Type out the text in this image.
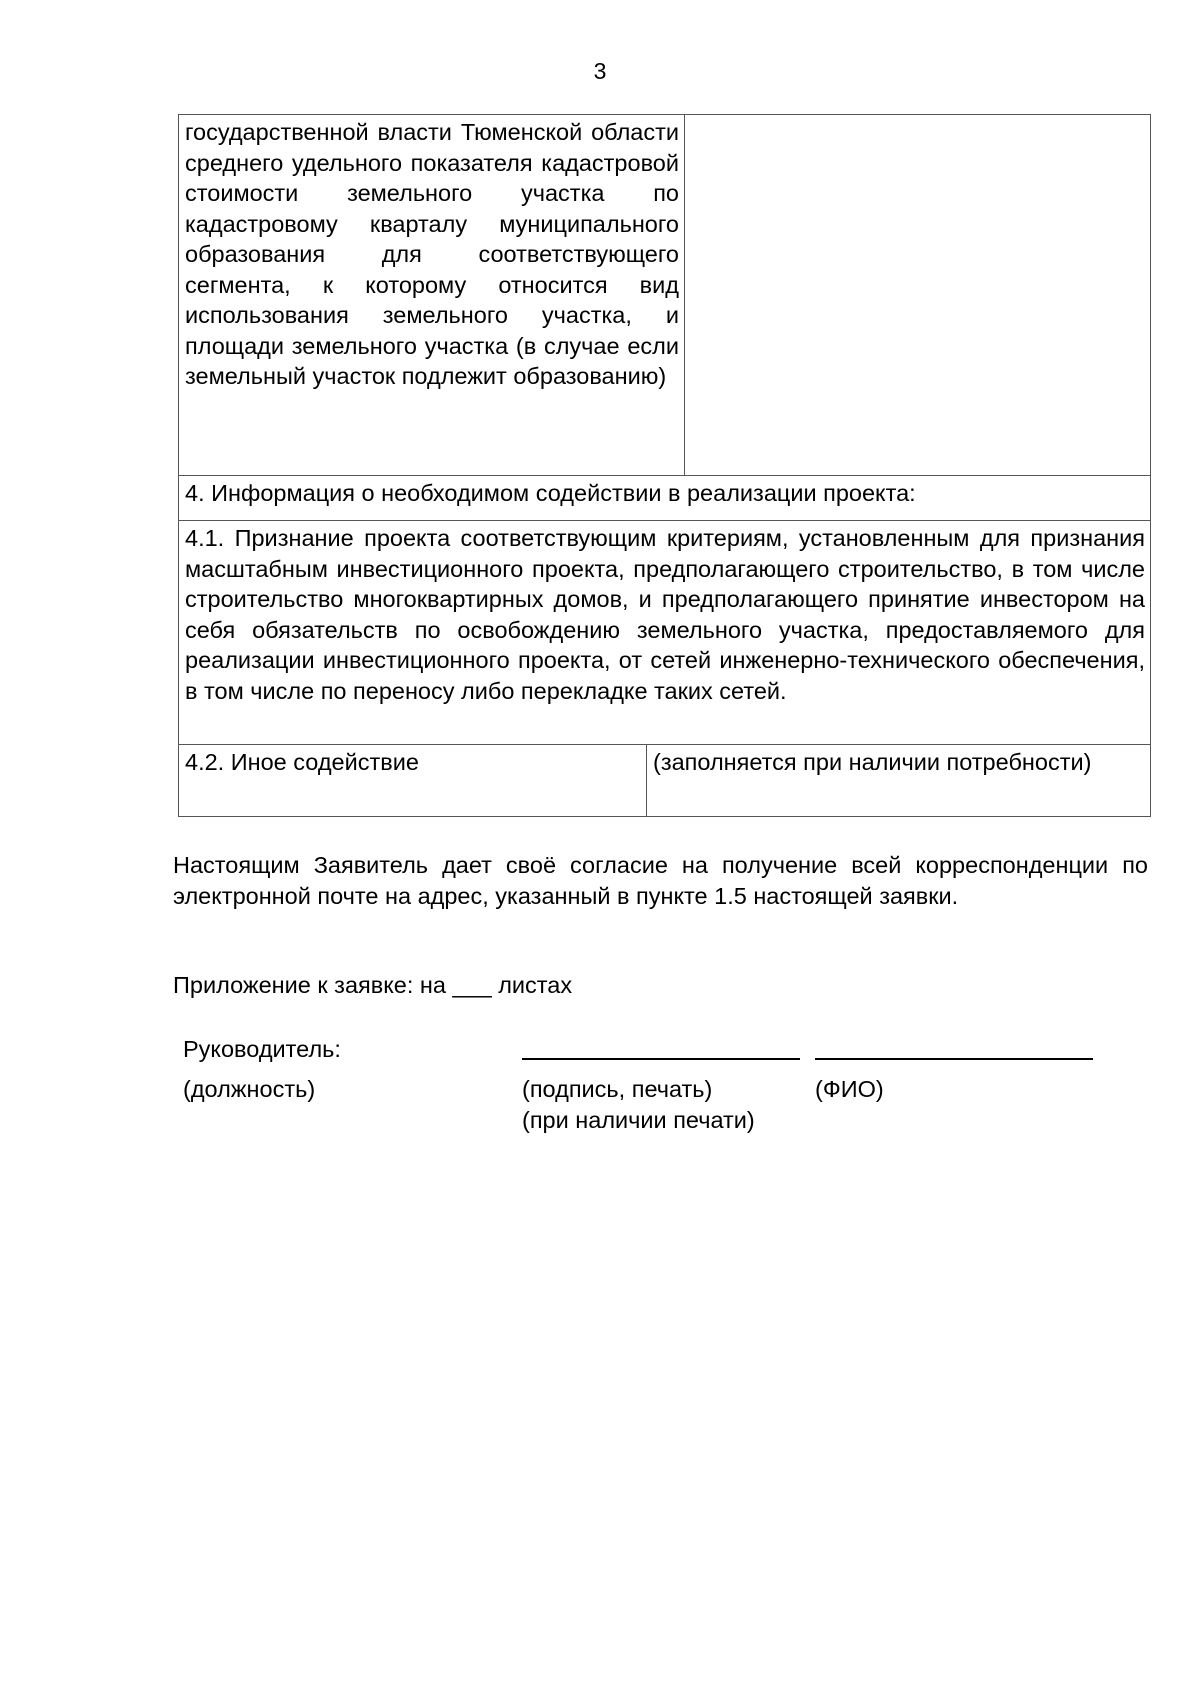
3
государственной власти Тюменской области среднего удельного показателя кадастровой стоимости земельного участка по кадастровому кварталу муниципального образования для соответствующего сегмента, к которому относится вид использования земельного участка, и площади земельного участка (в случае если земельный участок подлежит образованию)
4. Информация о необходимом содействии в реализации проекта:
4.1. Признание проекта соответствующим критериям, установленным для признания масштабным инвестиционного проекта, предполагающего строительство, в том числе строительство многоквартирных домов, и предполагающего принятие инвестором на себя обязательств по освобождению земельного участка, предоставляемого для реализации инвестиционного проекта, от сетей инженерно-технического обеспечения, в том числе по переносу либо перекладке таких сетей.
4.2. Иное содействие	(заполняется при наличии потребности)
Настоящим Заявитель дает своё согласие на получение всей корреспонденции по электронной почте на адрес, указанный в пункте 1.5 настоящей заявки.
Приложение к заявке: на ___ листах
Руководитель:
(должность)	(подпись, печать)
(при наличии печати)
(ФИО)
